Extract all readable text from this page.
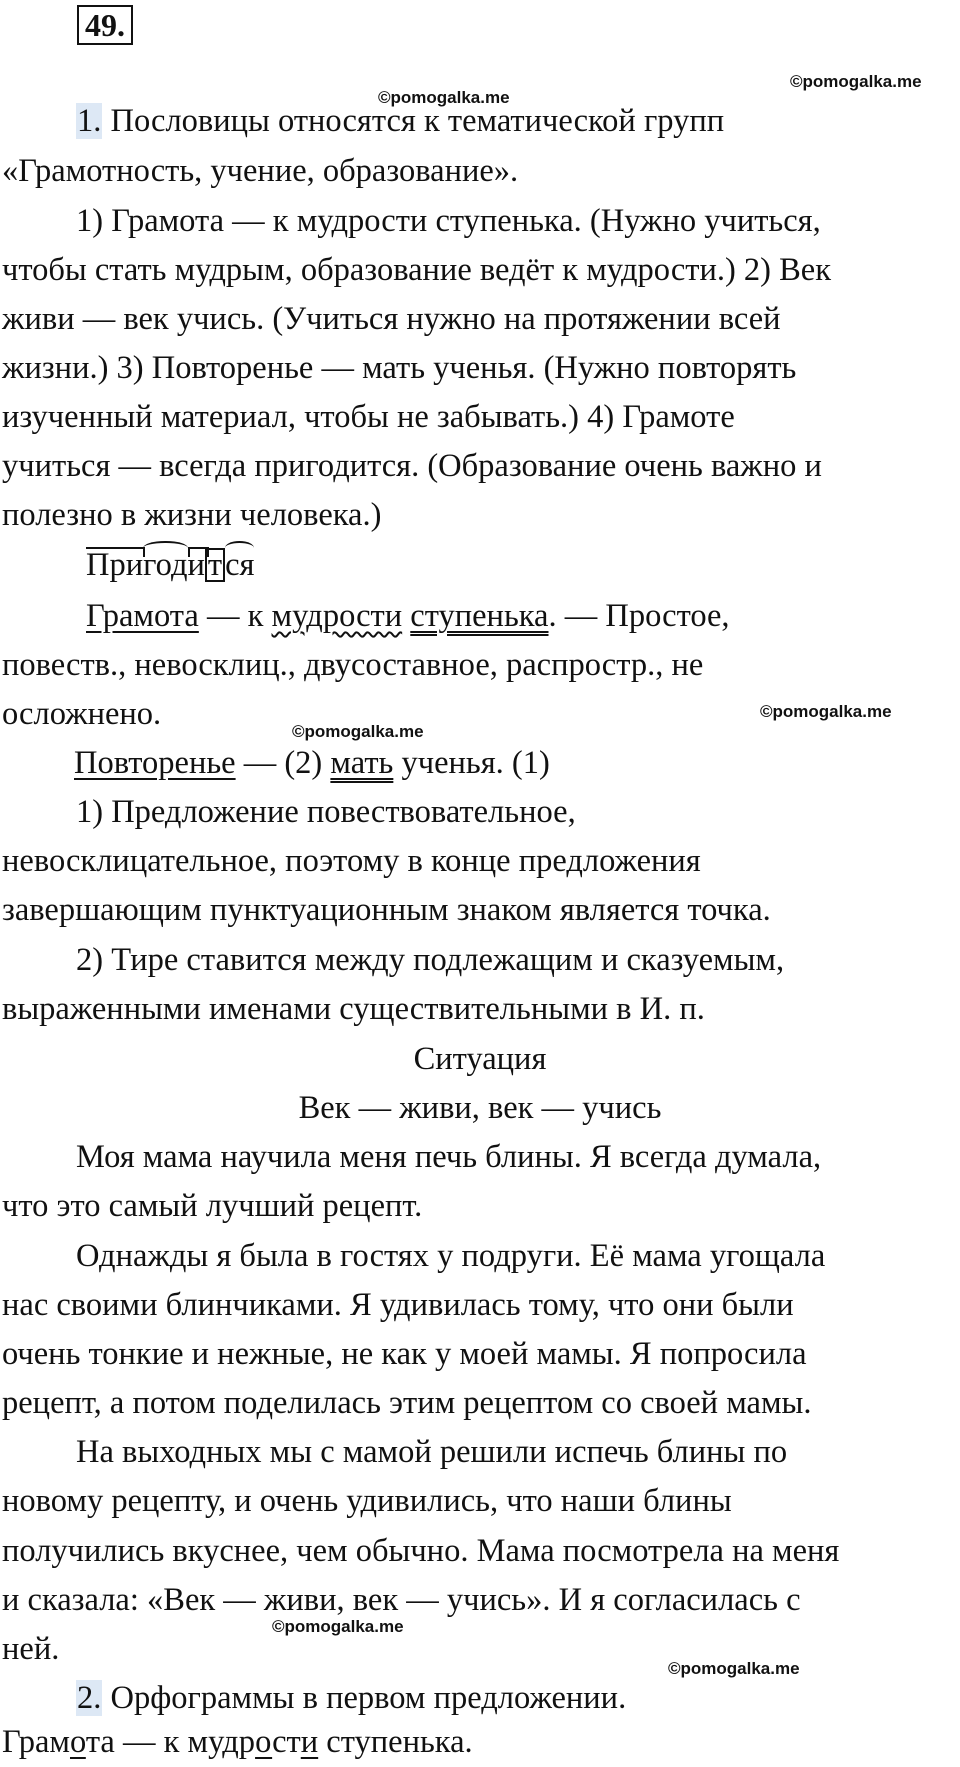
49.
©pomogalka.me
©pomogalka.me
1. Пословицы относятся к тематической групп
«Грамотность, учение, образование».
1) Грамота — к мудрости ступенька. (Нужно учиться,
чтобы стать мудрым, образование ведёт к мудрости.) 2) Век
живи — век учись. (Учиться нужно на протяжении всей
жизни.) 3) Повторенье — мать ученья. (Нужно повторять
изученный материал, чтобы не забывать.) 4) Грамоте
учиться — всегда пригодится. (Образование очень важно и
полезно в жизни человека.)
Пригодится
Грамота — к мудрости ступенька. — Простое,
повеств., невосклиц., двусоставное, распростр., не
осложнено.	©pomogalka.me
©pomogalka.me
Повторенье — (2) мать ученья. (1)
1) Предложение повествовательное,
невосклицательное, поэтому в конце предложения
завершающим пунктуационным знаком является точка.
2) Тире ставится между подлежащим и сказуемым,
выраженными именами существительными в И. п.
Ситуация
Век — живи, век — учись
Моя мама научила меня печь блины. Я всегда думала,
что это самый лучший рецепт.
Однажды я была в гостях у подруги. Её мама угощала
нас своими блинчиками. Я удивилась тому, что они были
очень тонкие и нежные, не как у моей мамы. Я попросила
рецепт, а потом поделилась этим рецептом со своей мамы.
На выходных мы с мамой решили испечь блины по
новому рецепту, и очень удивились, что наши блины
получились вкуснее, чем обычно. Мама посмотрела на меня
и сказала: «Век — живи, век — учись». И я согласилась с
ней.
©pomogalka.me
©pomogalka.me
2. Орфограммы в первом предложении.
Грамота — к мудрости ступенька.
